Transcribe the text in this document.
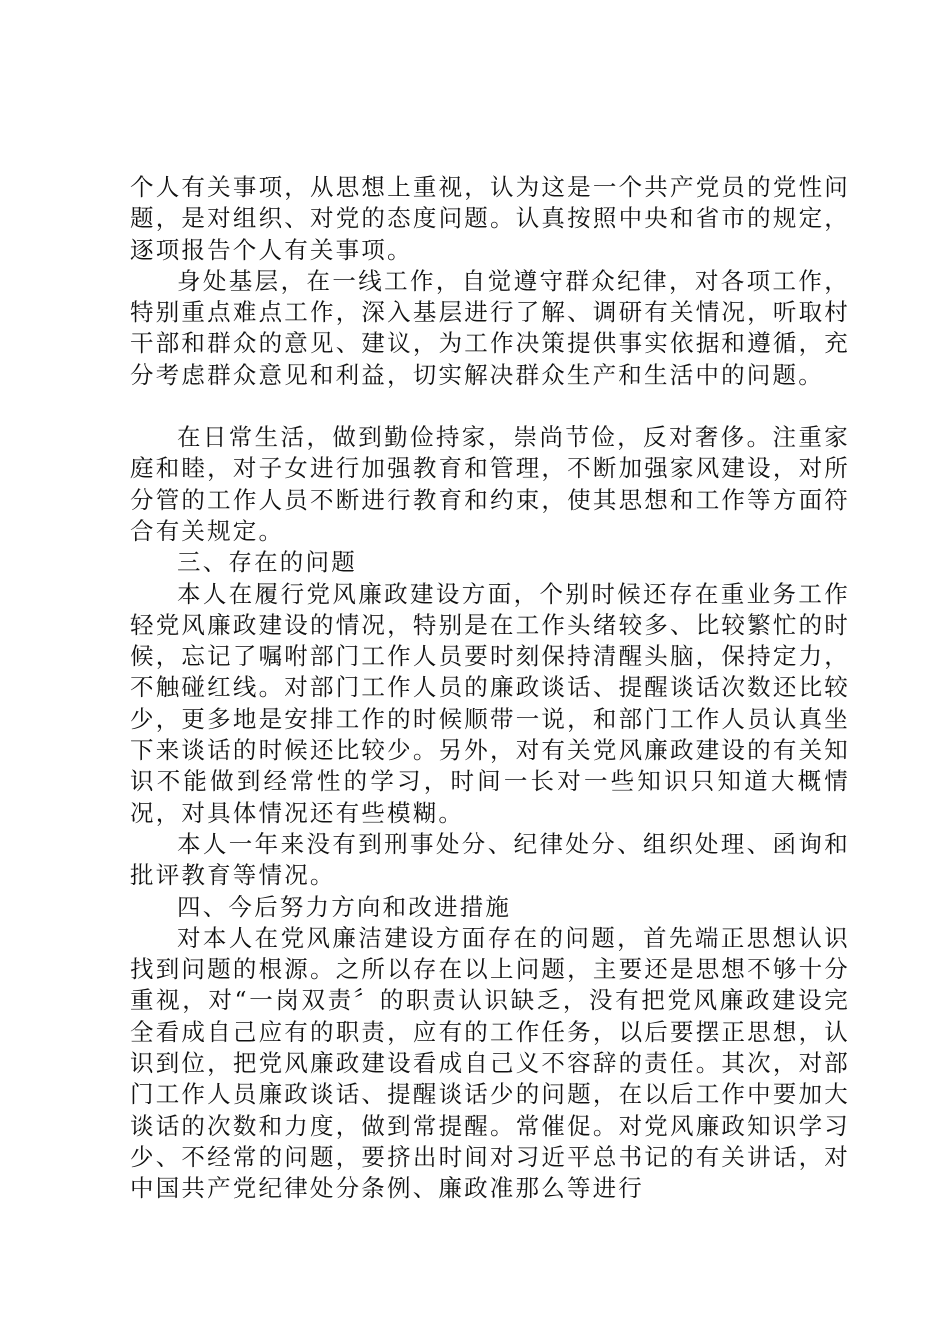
个人有关事项，从思想上重视，认为这是一个共产党员的党性问题，是对组织、对党的态度问题。认真按照中央和省市的规定，逐项报告个人有关事项。

身处基层，在一线工作，自觉遵守群众纪律，对各项工作，特别重点难点工作，深入基层进行了解、调研有关情况，听取村干部和群众的意见、建议，为工作决策提供事实依据和遵循，充分考虑群众意见和利益，切实解决群众生产和生活中的问题。

在日常生活，做到勤俭持家，崇尚节俭，反对奢侈。注重家庭和睦，对子女进行加强教育和管理，不断加强家风建设，对所分管的工作人员不断进行教育和约束，使其思想和工作等方面符合有关规定。

三、存在的问题

本人在履行党风廉政建设方面，个别时候还存在重业务工作轻党风廉政建设的情况，特别是在工作头绪较多、比较繁忙的时候，忘记了嘱咐部门工作人员要时刻保持清醒头脑，保持定力，不触碰红线。对部门工作人员的廉政谈话、提醒谈话次数还比较少，更多地是安排工作的时候顺带一说，和部门工作人员认真坐下来谈话的时候还比较少。另外，对有关党风廉政建设的有关知识不能做到经常性的学习，时间一长对一些知识只知道大概情况，对具体情况还有些模糊。

本人一年来没有到刑事处分、纪律处分、组织处理、函询和批评教育等情况。

四、今后努力方向和改进措施

对本人在党风廉洁建设方面存在的问题，首先端正思想认识找到问题的根源。之所以存在以上问题，主要还是思想不够十分重视，对“一岗双责〞的职责认识缺乏，没有把党风廉政建设完全看成自己应有的职责，应有的工作任务，以后要摆正思想，认识到位，把党风廉政建设看成自己义不容辞的责任。其次，对部门工作人员廉政谈话、提醒谈话少的问题，在以后工作中要加大谈话的次数和力度，做到常提醒。常催促。对党风廉政知识学习少、不经常的问题，要挤出时间对习近平总书记的有关讲话，对中国共产党纪律处分条例、廉政准那么等进行
